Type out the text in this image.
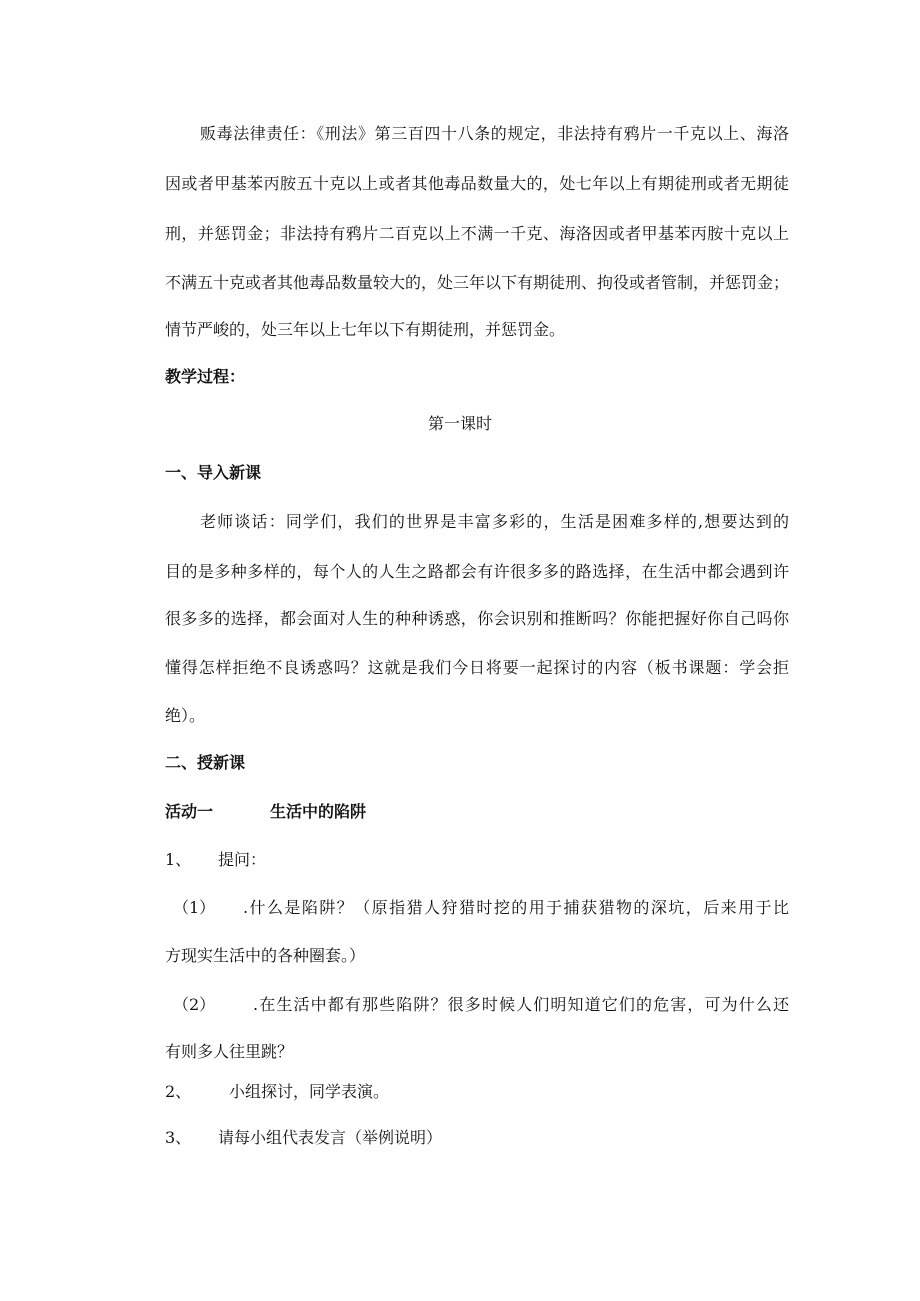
贩毒法律责任：《刑法》第三百四十八条的规定，非法持有鸦片一千克以上、海洛
因或者甲基苯丙胺五十克以上或者其他毒品数量大的，处七年以上有期徒刑或者无期徒
刑，并惩罚金；非法持有鸦片二百克以上不满一千克、海洛因或者甲基苯丙胺十克以上
不满五十克或者其他毒品数量较大的，处三年以下有期徒刑、拘役或者管制，并惩罚金；
情节严峻的，处三年以上七年以下有期徒刑，并惩罚金。
教学过程：
第一课时
一、导入新课
老师谈话：同学们，我们的世界是丰富多彩的，生活是困难多样的,想要达到的
目的是多种多样的，每个人的人生之路都会有许很多多的路选择，在生活中都会遇到许
很多多的选择，都会面对人生的种种诱惑，你会识别和推断吗？你能把握好你自己吗你
懂得怎样拒绝不良诱惑吗？这就是我们今日将要一起探讨的内容（板书课题：学会拒
绝）。
二、授新课
活动一	生活中的陷阱
1、 提问：
（1） .什么是陷阱？（原指猎人狩猎时挖的用于捕获猎物的深坑，后来用于比
方现实生活中的各种圈套。）
（2） .在生活中都有那些陷阱？很多时候人们明知道它们的危害，可为什么还
有则多人往里跳？
2、 小组探讨，同学表演。
3、 请每小组代表发言（举例说明）
